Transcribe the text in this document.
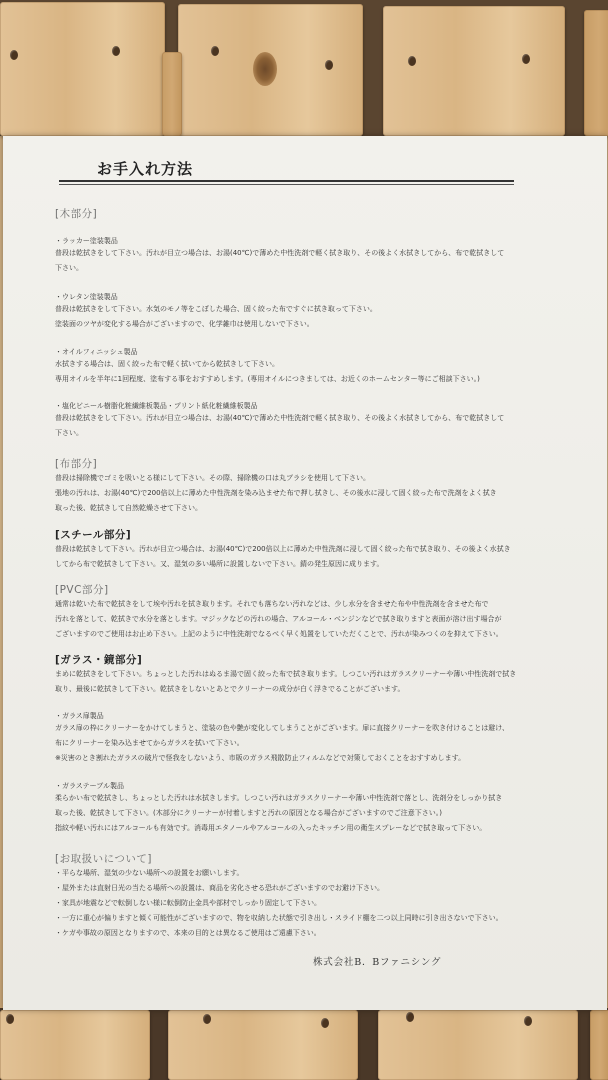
お手入れ方法
[木部分]
・ラッカー塗装製品
普段は乾拭きをして下さい。汚れが目立つ場合は、お湯(40℃)で薄めた中性洗剤で軽く拭き取り、その後よく水拭きしてから、布で乾拭きして
下さい。
・ウレタン塗装製品
普段は乾拭きをして下さい。水気のモノ等をこぼした場合、固く絞った布ですぐに拭き取って下さい。
塗装面のツヤが変化する場合がございますので、化学雑巾は使用しないで下さい。
・オイルフィニッシュ製品
水拭きする場合は、固く絞った布で軽く拭いてから乾拭きして下さい。
専用オイルを半年に1回程度、塗布する事をおすすめします。(専用オイルにつきましては、お近くのホームセンター等にご相談下さい。)
・塩化ビニール樹脂化粧繊維板製品・プリント紙化粧繊維板製品
普段は乾拭きをして下さい。汚れが目立つ場合は、お湯(40℃)で薄めた中性洗剤で軽く拭き取り、その後よく水拭きしてから、布で乾拭きして
下さい。
[布部分]
普段は掃除機でゴミを吸いとる様にして下さい。その際、掃除機の口は丸ブラシを使用して下さい。
張地の汚れは、お湯(40℃)で200倍以上に薄めた中性洗剤を染み込ませた布で押し拭きし、その後水に浸して固く絞った布で洗剤をよく拭き
取った後、乾拭きして自然乾燥させて下さい。
[スチール部分]
普段は乾拭きして下さい。汚れが目立つ場合は、お湯(40℃)で200倍以上に薄めた中性洗剤に浸して固く絞った布で拭き取り、その後よく水拭き
してから布で乾拭きして下さい。又、湿気の多い場所に設置しないで下さい。錆の発生原因に成ります。
[PVC部分]
通常は乾いた布で乾拭きをして埃や汚れを拭き取ります。それでも落ちない汚れなどは、少し水分を含ませた布や中性洗剤を含ませた布で
汚れを落として、乾拭きで水分を落とします。マジックなどの汚れの場合、アルコール・ベンジンなどで拭き取りますと表面が溶け出す場合が
ございますのでご使用はお止め下さい。上記のように中性洗剤でなるべく早く処置をしていただくことで、汚れが染みつくのを抑えて下さい。
[ガラス・鏡部分]
まめに乾拭きをして下さい。ちょっとした汚れはぬるま湯で固く絞った布で拭き取ります。しつこい汚れはガラスクリーナーや薄い中性洗剤で拭き
取り、最後に乾拭きして下さい。乾拭きをしないとあとでクリーナーの成分が白く浮きでることがございます。
・ガラス扉製品
ガラス扉の枠にクリーナーをかけてしまうと、塗装の色や艶が変化してしまうことがございます。扉に直接クリーナーを吹き付けることは避け、
布にクリーナーを染み込ませてからガラスを拭いて下さい。
※災害のとき割れたガラスの破片で怪我をしないよう、市販のガラス飛散防止フィルムなどで対策しておくことをおすすめします。
・ガラステーブル製品
柔らかい布で乾拭きし、ちょっとした汚れは水拭きします。しつこい汚れはガラスクリーナーや薄い中性洗剤で落とし、洗剤分をしっかり拭き
取った後、乾拭きして下さい。(木部分にクリーナーが付着しますと汚れの原因となる場合がございますのでご注意下さい。)
指紋や軽い汚れにはアルコールも有効です。消毒用エタノールやアルコールの入ったキッチン用の衛生スプレーなどで拭き取って下さい。
[お取扱いについて]
・平らな場所、湿気の少ない場所への設置をお願いします。
・屋外または直射日光の当たる場所への設置は、商品を劣化させる恐れがございますのでお避け下さい。
・家具が地震などで転倒しない様に転倒防止金具や部材でしっかり固定して下さい。
・一方に重心が偏りますと傾く可能性がございますので、物を収納した状態で引き出し・スライド棚を二つ以上同時に引き出さないで下さい。
・ケガや事故の原因となりますので、本来の目的とは異なるご使用はご遠慮下さい。
株式会社B．Bファニシング
